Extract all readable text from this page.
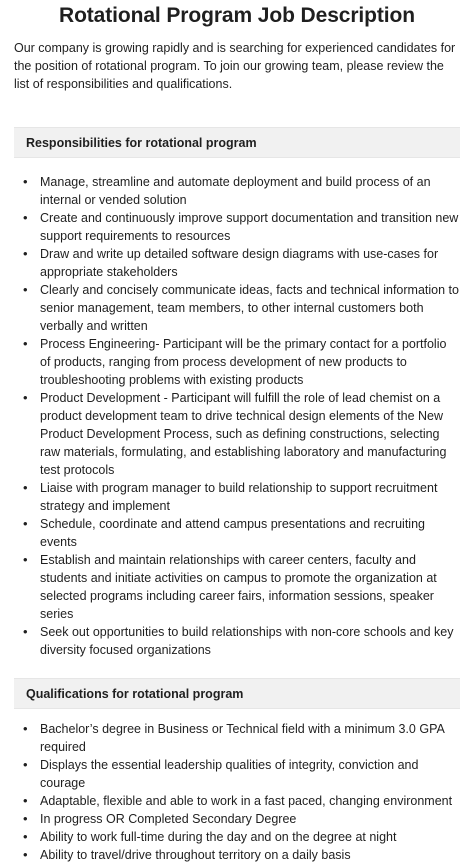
Rotational Program Job Description

Our company is growing rapidly and is searching for experienced candidates for the position of rotational program. To join our growing team, please review the list of responsibilities and qualifications.

Responsibilities for rotational program
• Manage, streamline and automate deployment and build process of an internal or vended solution
• Create and continuously improve support documentation and transition new support requirements to resources
• Draw and write up detailed software design diagrams with use-cases for appropriate stakeholders
• Clearly and concisely communicate ideas, facts and technical information to senior management, team members, to other internal customers both verbally and written
• Process Engineering- Participant will be the primary contact for a portfolio of products, ranging from process development of new products to troubleshooting problems with existing products
• Product Development - Participant will fulfill the role of lead chemist on a product development team to drive technical design elements of the New Product Development Process, such as defining constructions, selecting raw materials, formulating, and establishing laboratory and manufacturing test protocols
• Liaise with program manager to build relationship to support recruitment strategy and implement
• Schedule, coordinate and attend campus presentations and recruiting events
• Establish and maintain relationships with career centers, faculty and students and initiate activities on campus to promote the organization at selected programs including career fairs, information sessions, speaker series
• Seek out opportunities to build relationships with non-core schools and key diversity focused organizations
Qualifications for rotational program
• Bachelor’s degree in Business or Technical field with a minimum 3.0 GPA required
• Displays the essential leadership qualities of integrity, conviction and courage
• Adaptable, flexible and able to work in a fast paced, changing environment
• In progress OR Completed Secondary Degree
• Ability to work full-time during the day and on the degree at night
• Ability to travel/drive throughout territory on a daily basis
